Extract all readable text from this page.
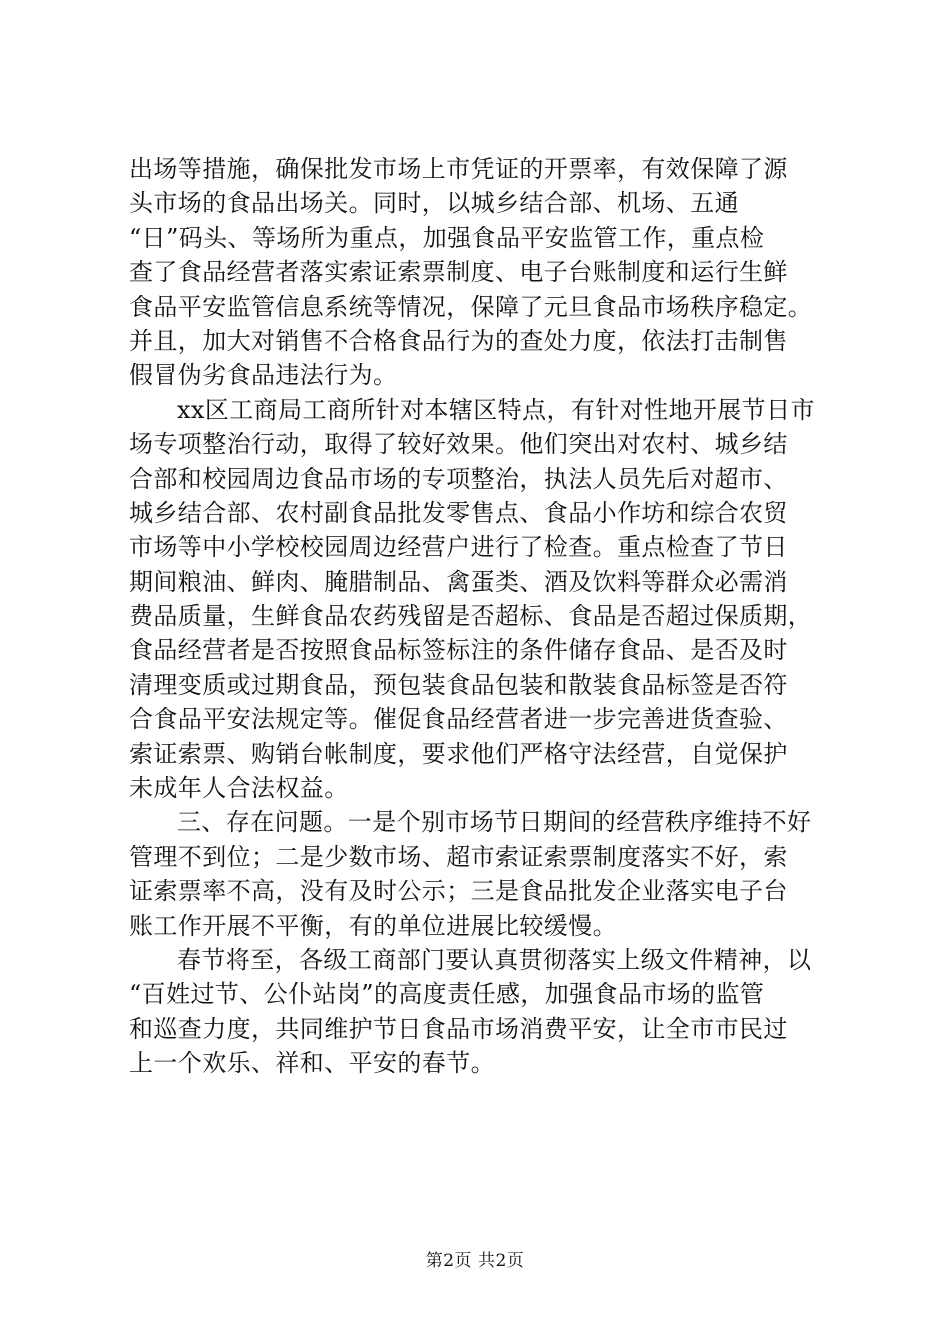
出场等措施，确保批发市场上市凭证的开票率，有效保障了源
头市场的食品出场关。同时，以城乡结合部、机场、五通
“日”码头、等场所为重点，加强食品平安监管工作，重点检
查了食品经营者落实索证索票制度、电子台账制度和运行生鲜
食品平安监管信息系统等情况，保障了元旦食品市场秩序稳定。
并且，加大对销售不合格食品行为的查处力度，依法打击制售
假冒伪劣食品违法行为。
xx区工商局工商所针对本辖区特点，有针对性地开展节日市
场专项整治行动，取得了较好效果。他们突出对农村、城乡结
合部和校园周边食品市场的专项整治，执法人员先后对超市、
城乡结合部、农村副食品批发零售点、食品小作坊和综合农贸
市场等中小学校校园周边经营户进行了检查。重点检查了节日
期间粮油、鲜肉、腌腊制品、禽蛋类、酒及饮料等群众必需消
费品质量，生鲜食品农药残留是否超标、食品是否超过保质期，
食品经营者是否按照食品标签标注的条件储存食品、是否及时
清理变质或过期食品，预包装食品包装和散装食品标签是否符
合食品平安法规定等。催促食品经营者进一步完善进货查验、
索证索票、购销台帐制度，要求他们严格守法经营，自觉保护
未成年人合法权益。
三、存在问题。一是个别市场节日期间的经营秩序维持不好
管理不到位；二是少数市场、超市索证索票制度落实不好，索
证索票率不高，没有及时公示；三是食品批发企业落实电子台
账工作开展不平衡，有的单位进展比较缓慢。
春节将至，各级工商部门要认真贯彻落实上级文件精神，以
“百姓过节、公仆站岗”的高度责任感，加强食品市场的监管
和巡查力度，共同维护节日食品市场消费平安，让全市市民过
上一个欢乐、祥和、平安的春节。
第2页 共2页
